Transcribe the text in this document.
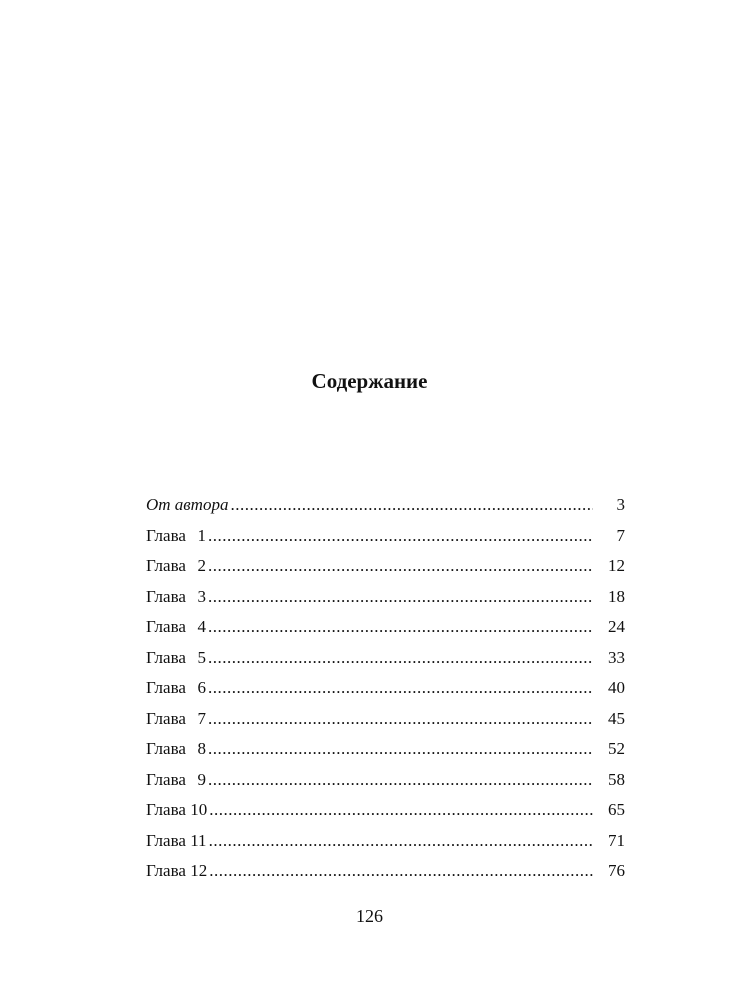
Содержание
От автора .....	3
Глава 1 .....	7
Глава 2 .....	12
Глава 3 .....	18
Глава 4 .....	24
Глава 5 .....	33
Глава 6 .....	40
Глава 7 .....	45
Глава 8 .....	52
Глава 9 .....	58
Глава 10 .....	65
Глава 11 .....	71
Глава 12 .....	76
126
